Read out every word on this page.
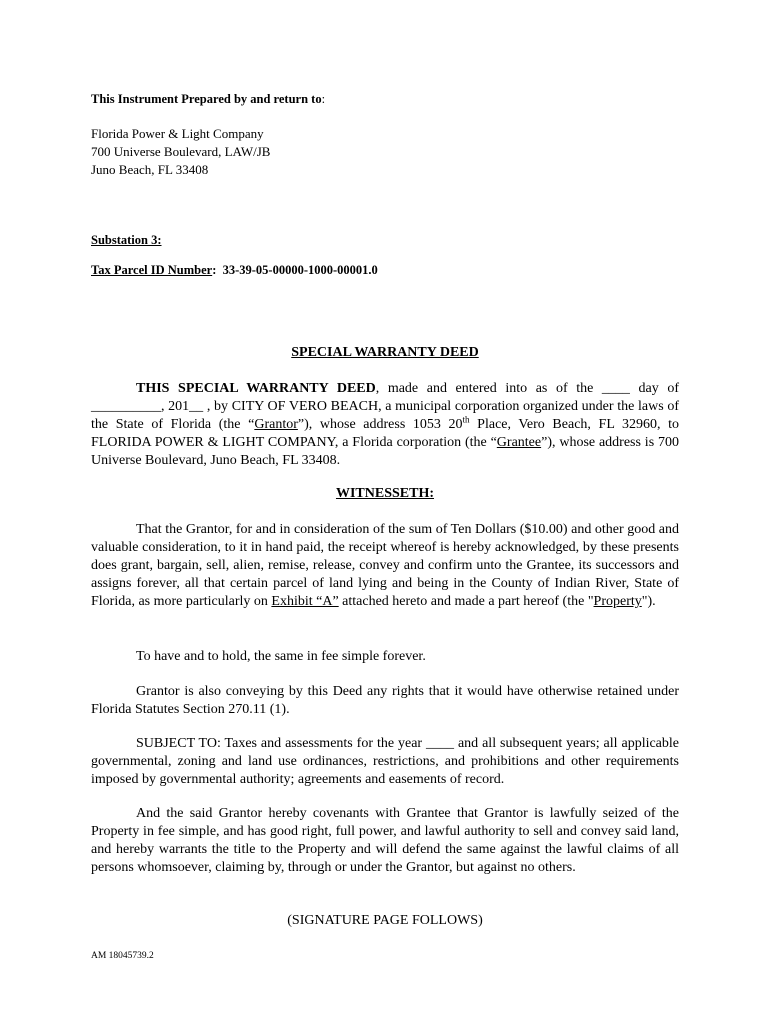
This Instrument Prepared by and return to:
Florida Power & Light Company
700 Universe Boulevard, LAW/JB
Juno Beach, FL 33408
Substation 3:
Tax Parcel ID Number: 33-39-05-00000-1000-00001.0
SPECIAL WARRANTY DEED
THIS SPECIAL WARRANTY DEED, made and entered into as of the ____ day of __________, 201__ , by CITY OF VERO BEACH, a municipal corporation organized under the laws of the State of Florida (the “Grantor”), whose address 1053 20th Place, Vero Beach, FL 32960, to FLORIDA POWER & LIGHT COMPANY, a Florida corporation (the “Grantee”), whose address is 700 Universe Boulevard, Juno Beach, FL 33408.
WITNESSETH:
That the Grantor, for and in consideration of the sum of Ten Dollars ($10.00) and other good and valuable consideration, to it in hand paid, the receipt whereof is hereby acknowledged, by these presents does grant, bargain, sell, alien, remise, release, convey and confirm unto the Grantee, its successors and assigns forever, all that certain parcel of land lying and being in the County of Indian River, State of Florida, as more particularly on Exhibit “A” attached hereto and made a part hereof (the "Property").
To have and to hold, the same in fee simple forever.
Grantor is also conveying by this Deed any rights that it would have otherwise retained under Florida Statutes Section 270.11 (1).
SUBJECT TO: Taxes and assessments for the year ____ and all subsequent years; all applicable governmental, zoning and land use ordinances, restrictions, and prohibitions and other requirements imposed by governmental authority; agreements and easements of record.
And the said Grantor hereby covenants with Grantee that Grantor is lawfully seized of the Property in fee simple, and has good right, full power, and lawful authority to sell and convey said land, and hereby warrants the title to the Property and will defend the same against the lawful claims of all persons whomsoever, claiming by, through or under the Grantor, but against no others.
(SIGNATURE PAGE FOLLOWS)
AM 18045739.2
